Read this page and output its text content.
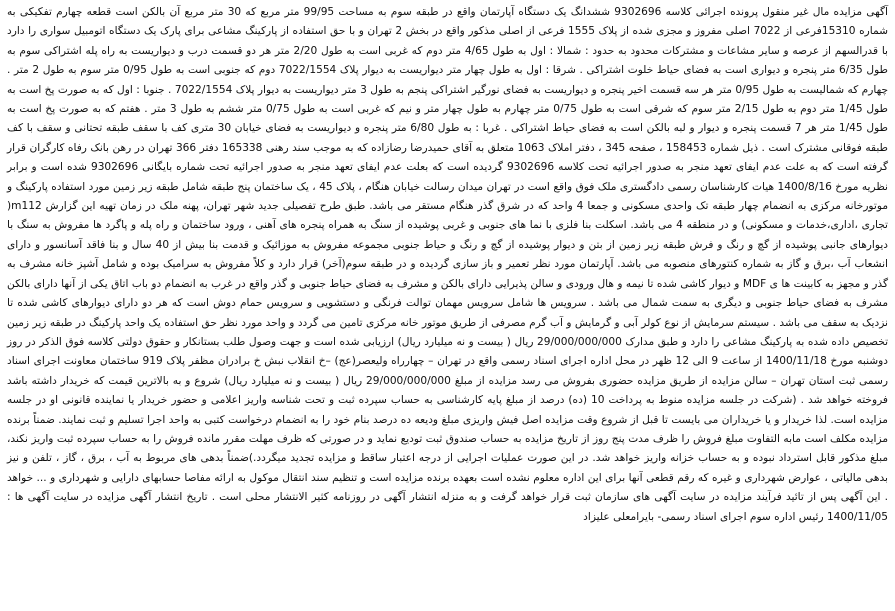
آگهی مزایده مال غیر منقول پرونده اجرائی کلاسه 9302696 ششدانگ یک دستگاه آپارتمان واقع در طبقه سوم به مساحت 99/95 متر مربع که 30 متر مربع آن بالکن است قطعه چهارم تفکیکی به شماره 15310فرعی از 7022 اصلی مفروز و مجزی شده از پلاک 1555 فرعی از اصلی مذکور واقع در بخش 2 تهران و با حق استفاده از پارکینگ مشاعی برای پارک یک دستگاه اتومبیل سواری را دارد با قدرالسهم از عرصه و سایر مشاعات و مشترکات محدود به حدود : شمالا : اول به طول 4/65 متر دوم که غربی است به طول 2/20 متر هر دو قسمت درب و دیواریست به راه پله اشتراکی سوم به طول 6/35 متر پنجره و دیواری است به فضای حیاط خلوت اشتراکی . شرقا : اول به طول چهار متر دیواریست به دیوار پلاک 7022/1554 دوم که جنوبی است به طول 0/95 متر سوم به طول 2 متر . چهارم که شمالیست به طول 0/95 متر هر سه قسمت اخیر پنجره و دیواریست به فضای نورگیر اشتراکی پنجم به طول 3 متر دیواریست به دیوار پلاک 7022/1554 . جنوبا : اول که به صورت پخ است به طول 1/45 متر دوم به طول 2/15 متر سوم که شرقی است به طول 0/75 متر چهارم به طول چهار متر و نیم که غربی است به طول 0/75 متر ششم به طول 3 متر . هفتم که به صورت پخ است به طول 1/45 متر هر 7 قسمت پنجره و دیوار و لبه بالکن است به فضای حیاط اشتراکی . غربا : به طول 6/80 متر پنجره و دیواریست به فضای خیابان 30 متری کف با سقف طبقه تحتانی و سقف با کف طبقه فوقانی مشترک است . ذیل شماره 158453 ، صفحه 345 ، دفتر املاک 1063 متعلق به آقای حمیدرضا رضازاده که به موجب سند رهنی 165338 دفتر 366 تهران در رهن بانک رفاه کارگران قرار گرفته است که به علت عدم ایفای تعهد منجر به صدور اجرائیه تحت کلاسه 9302696 گردیده است که بعلت عدم ایفای تعهد منجر به صدور اجرائیه تحت شماره بایگانی 9302696 شده است و برابر نظریه مورخ 1400/8/16 هیات کارشناسان رسمی دادگستری ملک فوق واقع است در تهران میدان رسالت خیابان هنگام ، پلاک 45 ، یک ساختمان پنج طبقه شامل طبقه زیر زمین مورد استفاده پارکینگ و موتورخانه مرکزی به انضمام چهار طبقه تک واحدی مسکونی و جمعا 4 واحد که در شرق گذر هنگام مستقر می باشد. طبق طرح تفصیلی جدید شهر تهران، پهنه ملک در زمان تهیه این گزارش m112( تجاری ،اداری،خدمات و مسکونی) و در منطقه 4 می باشد. اسکلت بنا فلزی با نما های جنوبی و غربی پوشیده از سنگ به همراه پنجره های آهنی ، ورود ساختمان و راه پله و پاگرد ها مفروش به سنگ با دیوارهای جانبی پوشیده از گچ و رنگ و فرش طبقه زیر زمین از بتن و دیوار پوشیده از گچ و رنگ و حیاط جنوبی مجموعه مفروش به موزائیک و قدمت بنا بیش از 40 سال و بنا فاقد آسانسور و دارای انشعاب آب ،برق و گاز به شماره کنتورهای منصوبه می باشد. آپارتمان مورد نظر تعمیر و باز سازی گردیده و در طبقه سوم(آخر) قرار دارد و کلاً مفروش به سرامیک بوده و شامل آشپز خانه مشرف به گذر و مجهز به کابینت ها ی MDF و دیوار کاشی شده تا نیمه و هال ورودی و سالن پذیرایی دارای بالکن و مشرف به فضای حیاط جنوبی و گذر واقع در غرب به انضمام دو باب اتاق یکی از آنها دارای بالکن مشرف به فضای حیاط جنوبی و دیگری به سمت شمال می باشد . سرویس ها شامل سرویس مهمان توالت فرنگی و دستشویی و سرویس حمام دوش است که هر دو دارای دیوارهای کاشی شده تا نزدیک به سقف می باشد . سیستم سرمایش از نوع کولر آبی و گرمایش و آب گرم مصرفی از طریق موتور خانه مرکزی تامین می گردد و واحد مورد نظر حق استفاده یک واحد پارکینگ در طبقه زیر زمین تخصیص داده شده به پارکینگ مشاعی را دارد و طبق مدارک 29/000/000/000 ریال ( بیست و نه میلیارد ریال) ارزیابی شده است و جهت وصول طلب بستانکار و حقوق دولتی کلاسه فوق الذکر در روز دوشنبه مورخ 1400/11/18 از ساعت 9 الی 12 ظهر در محل اداره اجرای اسناد رسمی واقع در تهران – چهارراه ولیعصر(عج) –خ انقلاب نبش خ برادران مظفر پلاک 919 ساختمان معاونت اجرای اسناد رسمی ثبت استان تهران – سالن مزایده از طریق مزایده حضوری بفروش می رسد مزایده از مبلغ 29/000/000/000 ریال ( بیست و نه میلیارد ریال) شروع و به بالاترین قیمت که خریدار داشته باشد فروخته خواهد شد . (شرکت در جلسه مزایده منوط به پرداخت 10 (ده) درصد از مبلغ پایه کارشناسی به حساب سپرده ثبت و تحت شناسه واریز اعلامی و حضور خریدار یا نماینده قانونی او در جلسه مزایده است. لذا خریدار و یا خریداران می بایست تا قبل از شروع وقت مزایده اصل فیش واریزی مبلغ ودیعه ده درصد بنام خود را به انضمام درخواست کتبی به واحد اجرا تسلیم و ثبت نمایند. ضمناً برنده مزایده مکلف است مابه التفاوت مبلغ فروش را ظرف مدت پنج روز از تاریخ مزایده به حساب صندوق ثبت تودیع نماید و در صورتی که ظرف مهلت مقرر مانده فروش را به حساب سپرده ثبت واریز نکند، مبلغ مذکور قابل استرداد نبوده و به حساب خزانه واریز خواهد شد. در این صورت عملیات اجرایی از درجه اعتبار ساقط و مزایده تجدید میگردد.)ضمناً بدهی های مربوط به آب ، برق ، گاز ، تلفن و نیز بدهی مالیاتی ، عوارض شهرداری و غیره که رقم قطعی آنها برای این اداره معلوم نشده است بعهده برنده مزایده است و تنظیم سند انتقال موکول به ارائه مفاصا حسابهای دارایی و شهرداری و ... خواهد . این آگهی پس از تائید فرآیند مزایده در سایت آگهی های سازمان ثبت قرار خواهد گرفت و به منزله انتشار آگهی در روزنامه کثیر الانتشار محلی است . تاریخ انتشار آگهی مزایده در سایت آگهی ها : 1400/11/05 رئیس اداره سوم اجرای اسناد رسمی- بایرامعلی علیزاد
